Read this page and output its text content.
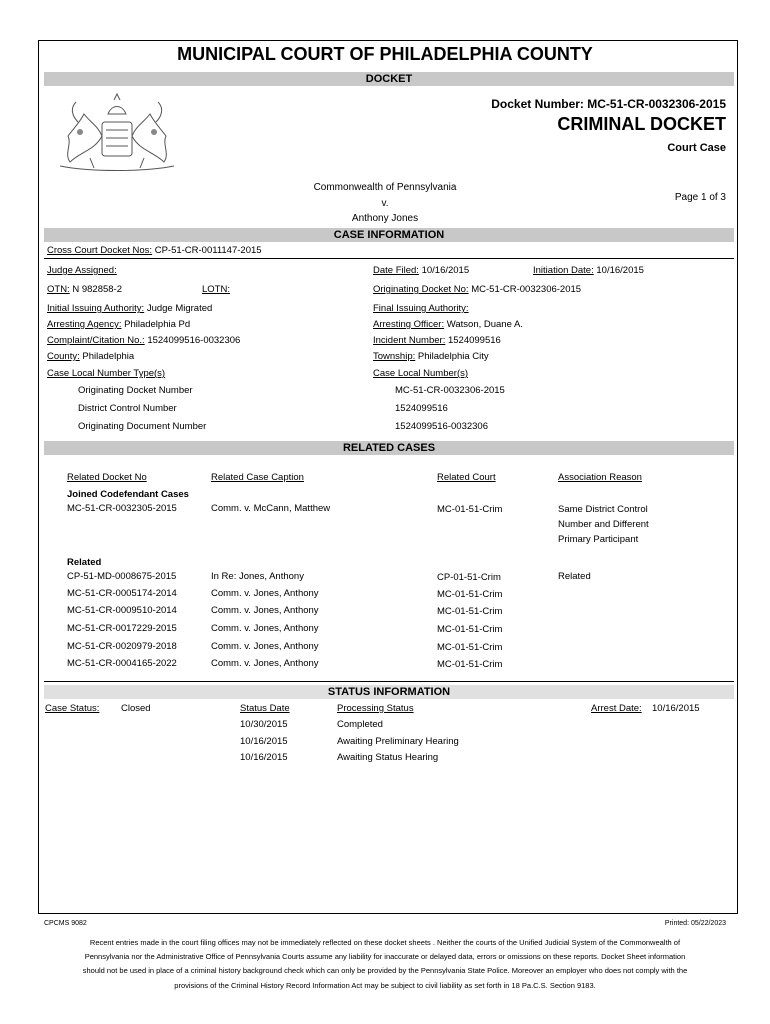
MUNICIPAL COURT OF PHILADELPHIA COUNTY
DOCKET
Docket Number: MC-51-CR-0032306-2015
CRIMINAL DOCKET
Court Case
Commonwealth of Pennsylvania
v.
Anthony Jones
Page 1 of 3
CASE INFORMATION
Cross Court Docket Nos: CP-51-CR-0011147-2015
Judge Assigned:	Date Filed: 10/16/2015	Initiation Date: 10/16/2015
OTN: N 982858-2	LOTN:	Originating Docket No: MC-51-CR-0032306-2015
Initial Issuing Authority: Judge Migrated	Final Issuing Authority:
Arresting Agency: Philadelphia Pd	Arresting Officer: Watson, Duane A.
Complaint/Citation No.: 1524099516-0032306	Incident Number: 1524099516
County: Philadelphia	Township: Philadelphia City
Case Local Number Type(s)	Case Local Number(s)
Originating Docket Number	MC-51-CR-0032306-2015
District Control Number	1524099516
Originating Document Number	1524099516-0032306
RELATED CASES
Related Docket No	Related Case Caption	Related Court	Association Reason
Joined Codefendant Cases
MC-51-CR-0032305-2015	Comm. v. McCann, Matthew	MC-01-51-Crim	Same District Control
Number and Different
Primary Participant
Related
CP-51-MD-0008675-2015	In Re: Jones, Anthony	CP-01-51-Crim	Related
MC-51-CR-0005174-2014	Comm. v. Jones, Anthony	MC-01-51-Crim
MC-51-CR-0009510-2014	Comm. v. Jones, Anthony	MC-01-51-Crim
MC-51-CR-0017229-2015	Comm. v. Jones, Anthony	MC-01-51-Crim
MC-51-CR-0020979-2018	Comm. v. Jones, Anthony	MC-01-51-Crim
MC-51-CR-0004165-2022	Comm. v. Jones, Anthony	MC-01-51-Crim
STATUS INFORMATION
Case Status: Closed	Status Date	Processing Status	Arrest Date: 10/16/2015
10/30/2015	Completed
10/16/2015	Awaiting Preliminary Hearing
10/16/2015	Awaiting Status Hearing
CPCMS 9082	Printed: 05/22/2023
Recent entries made in the court filing offices may not be immediately reflected on these docket sheets . Neither the courts of the Unified Judicial System of the Commonwealth of Pennsylvania nor the Administrative Office of Pennsylvania Courts assume any liability for inaccurate or delayed data, errors or omissions on these reports. Docket Sheet information should not be used in place of a criminal history background check which can only be provided by the Pennsylvania State Police. Moreover an employer who does not comply with the provisions of the Criminal History Record Information Act may be subject to civil liability as set forth in 18 Pa.C.S. Section 9183.
